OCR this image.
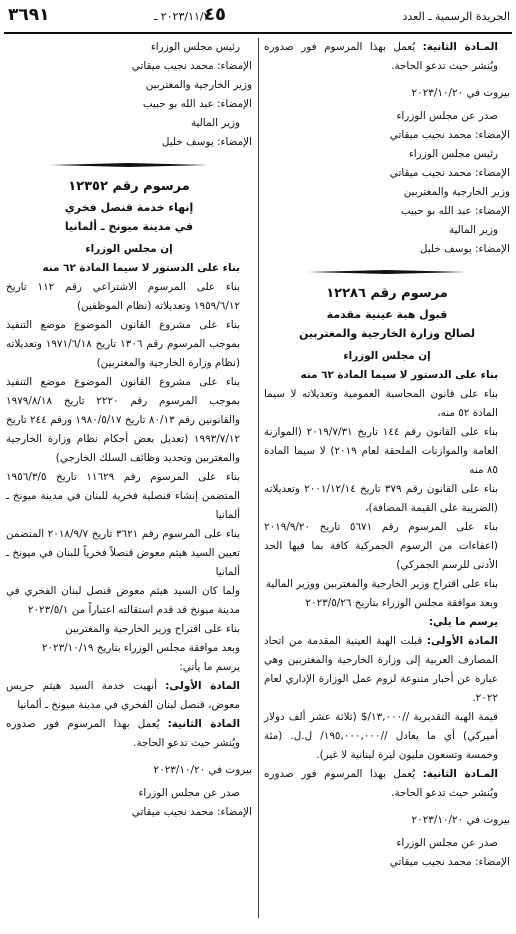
الجريدة الرسمية ـ العدد
٤٥
٢٠٢٣/١١/٢ ـ
٣٦٩١

المـادة الثانية: يُعمل بهذا المرسوم فور صدوره ويُنشر حيث تدعو الحاجة.

بيروت في ٢٠٢٣/١٠/٢٠

صدر عن مجلس الوزراء

الإمضاء: محمد نجيب ميقاتي

رئيس مجلس الوزراء

الإمضاء: محمد نجيب ميقاتي

وزير الخارجية والمغتربين

الإمضاء: عبد الله بو حبيب

وزير المالية

الإمضاء: يوسف خليل

مرسوم رقم ١٢٢٨٦

قبول هبة عينية مقدمة

لصالح وزارة الخارجية والمغتربين

إن مجلس الوزراء

بناء على الدستور لا سيما المادة ٦٢ منه

بناء على قانون المحاسبة العمومية وتعديلاته لا سيما المادة ٥٢ منه،

بناء على القانون رقم ١٤٤ تاريخ ٢٠١٩/٧/٣١ (الموازنة العامة والموازنات الملحقة لعام ٢٠١٩) لا سيما المادة ٨٥ منه

بناء على القانون رقم ٣٧٩ تاريخ ٢٠٠١/١٢/١٤ وتعديلاته (الضريبة على القيمة المضافة)،

بناء على المرسوم رقم ٥٦٧١ تاريخ ٢٠١٩/٩/٢٠ (اعفاءات من الرسوم الجمركية كافة بما فيها الحد الأدنى للرسم الجمركي)

بناء على اقتراح وزير الخارجية والمغتربين ووزير المالية

وبعد موافقة مجلس الوزراء بتاريخ ٢٠٢٣/٥/٢٦

يرسم ما يلي:

المادة الأولى: قبلت الهبة العينية المقدمة من اتحاد المصارف العربية إلى وزارة الخارجية والمغتربين وهي عبارة عن أحبار متنوعة لزوم عمل الوزارة الإداري لعام ٢٠٢٢.

قيمة الهبة التقديرية //١٣,٠٠٠/$ (ثلاثة عشر ألف دولار أميركي) أي ما يعادل //١٩٥,٠٠٠,٠٠٠/ ل.ل. (مئة وخمسة وتسعون مليون ليرة لبنانية لا غير).

المـادة الثانية: يُعمل بهذا المرسوم فور صدوره ويُنشر حيث تدعو الحاجة.

بيروت في ٢٠٢٣/١٠/٢٠

صدر عن مجلس الوزراء

الإمضاء: محمد نجيب ميقاتي

رئيس مجلس الوزراء

الإمضاء: محمد نجيب ميقاتي

وزير الخارجية والمغتربين

الإمضاء: عبد الله بو حبيب

وزير المالية

الإمضاء: يوسف خليل

مرسوم رقم ١٢٣٥٢

إنهاء خدمة قنصل فخري

في مدينة ميونخ ـ ألمانيا

إن مجلس الوزراء

بناء على الدستور لا سيما المادة ٦٢ منه

بناء على المرسوم الاشتراعي رقم ١١٢ تاريخ ١٩٥٩/٦/١٢ وتعديلاته (نظام الموظفين)

بناء على مشروع القانون الموضوع موضع التنفيذ بموجب المرسوم رقم ١٣٠٦ تاريخ ١٩٧١/٦/١٨ وتعديلاته (نظام وزارة الخارجية والمغتربين)

بناء على مشروع القانون الموضوع موضع التنفيذ بموجب المرسوم رقم ٢٢٢٠ تاريخ ١٩٧٩/٨/١٨ والقانونين رقم ٨٠/١٣ تاريخ ١٩٨٠/٥/١٧ ورقم ٢٤٤ تاريخ ١٩٩٣/٧/١٢ (تعديل بعض أحكام نظام وزارة الخارجية والمغتربين وتحديد وظائف السلك الخارجي)

بناء على المرسوم رقم ١١٦٢٩ تاريخ ١٩٥٦/٣/٥ المتضمن إنشاء قنصلية فخرية للبنان في مدينة ميونخ ـ ألمانيا

بناء على المرسوم رقم ٣٦٢١ تاريخ ٢٠١٨/٩/٧ المتضمن تعيين السيد هيثم معوض قنصلاً فخرياً للبنان في ميونخ ـ ألمانيا

ولما كان السيد هيثم معوض قنصل لبنان الفخري في مدينة ميونخ قد قدم استقالته اعتباراً من ٢٠٢٣/٥/١

بناء على اقتراح وزير الخارجية والمغتربين

وبعد موافقة مجلس الوزراء بتاريخ ٢٠٢٣/١٠/١٩

يرسم ما يأتي:

المادة الأولى: أنهيت خدمة السيد هيثم جريس معوض، قنصل لبنان الفخري في مدينة ميونخ ـ ألمانيا

المادة الثانية: يُعمل بهذا المرسوم فور صدوره ويُنشر حيث تدعو الحاجة.

بيروت في ٢٠٢٣/١٠/٢٠

صدر عن مجلس الوزراء

الإمضاء: محمد نجيب ميقاتي
